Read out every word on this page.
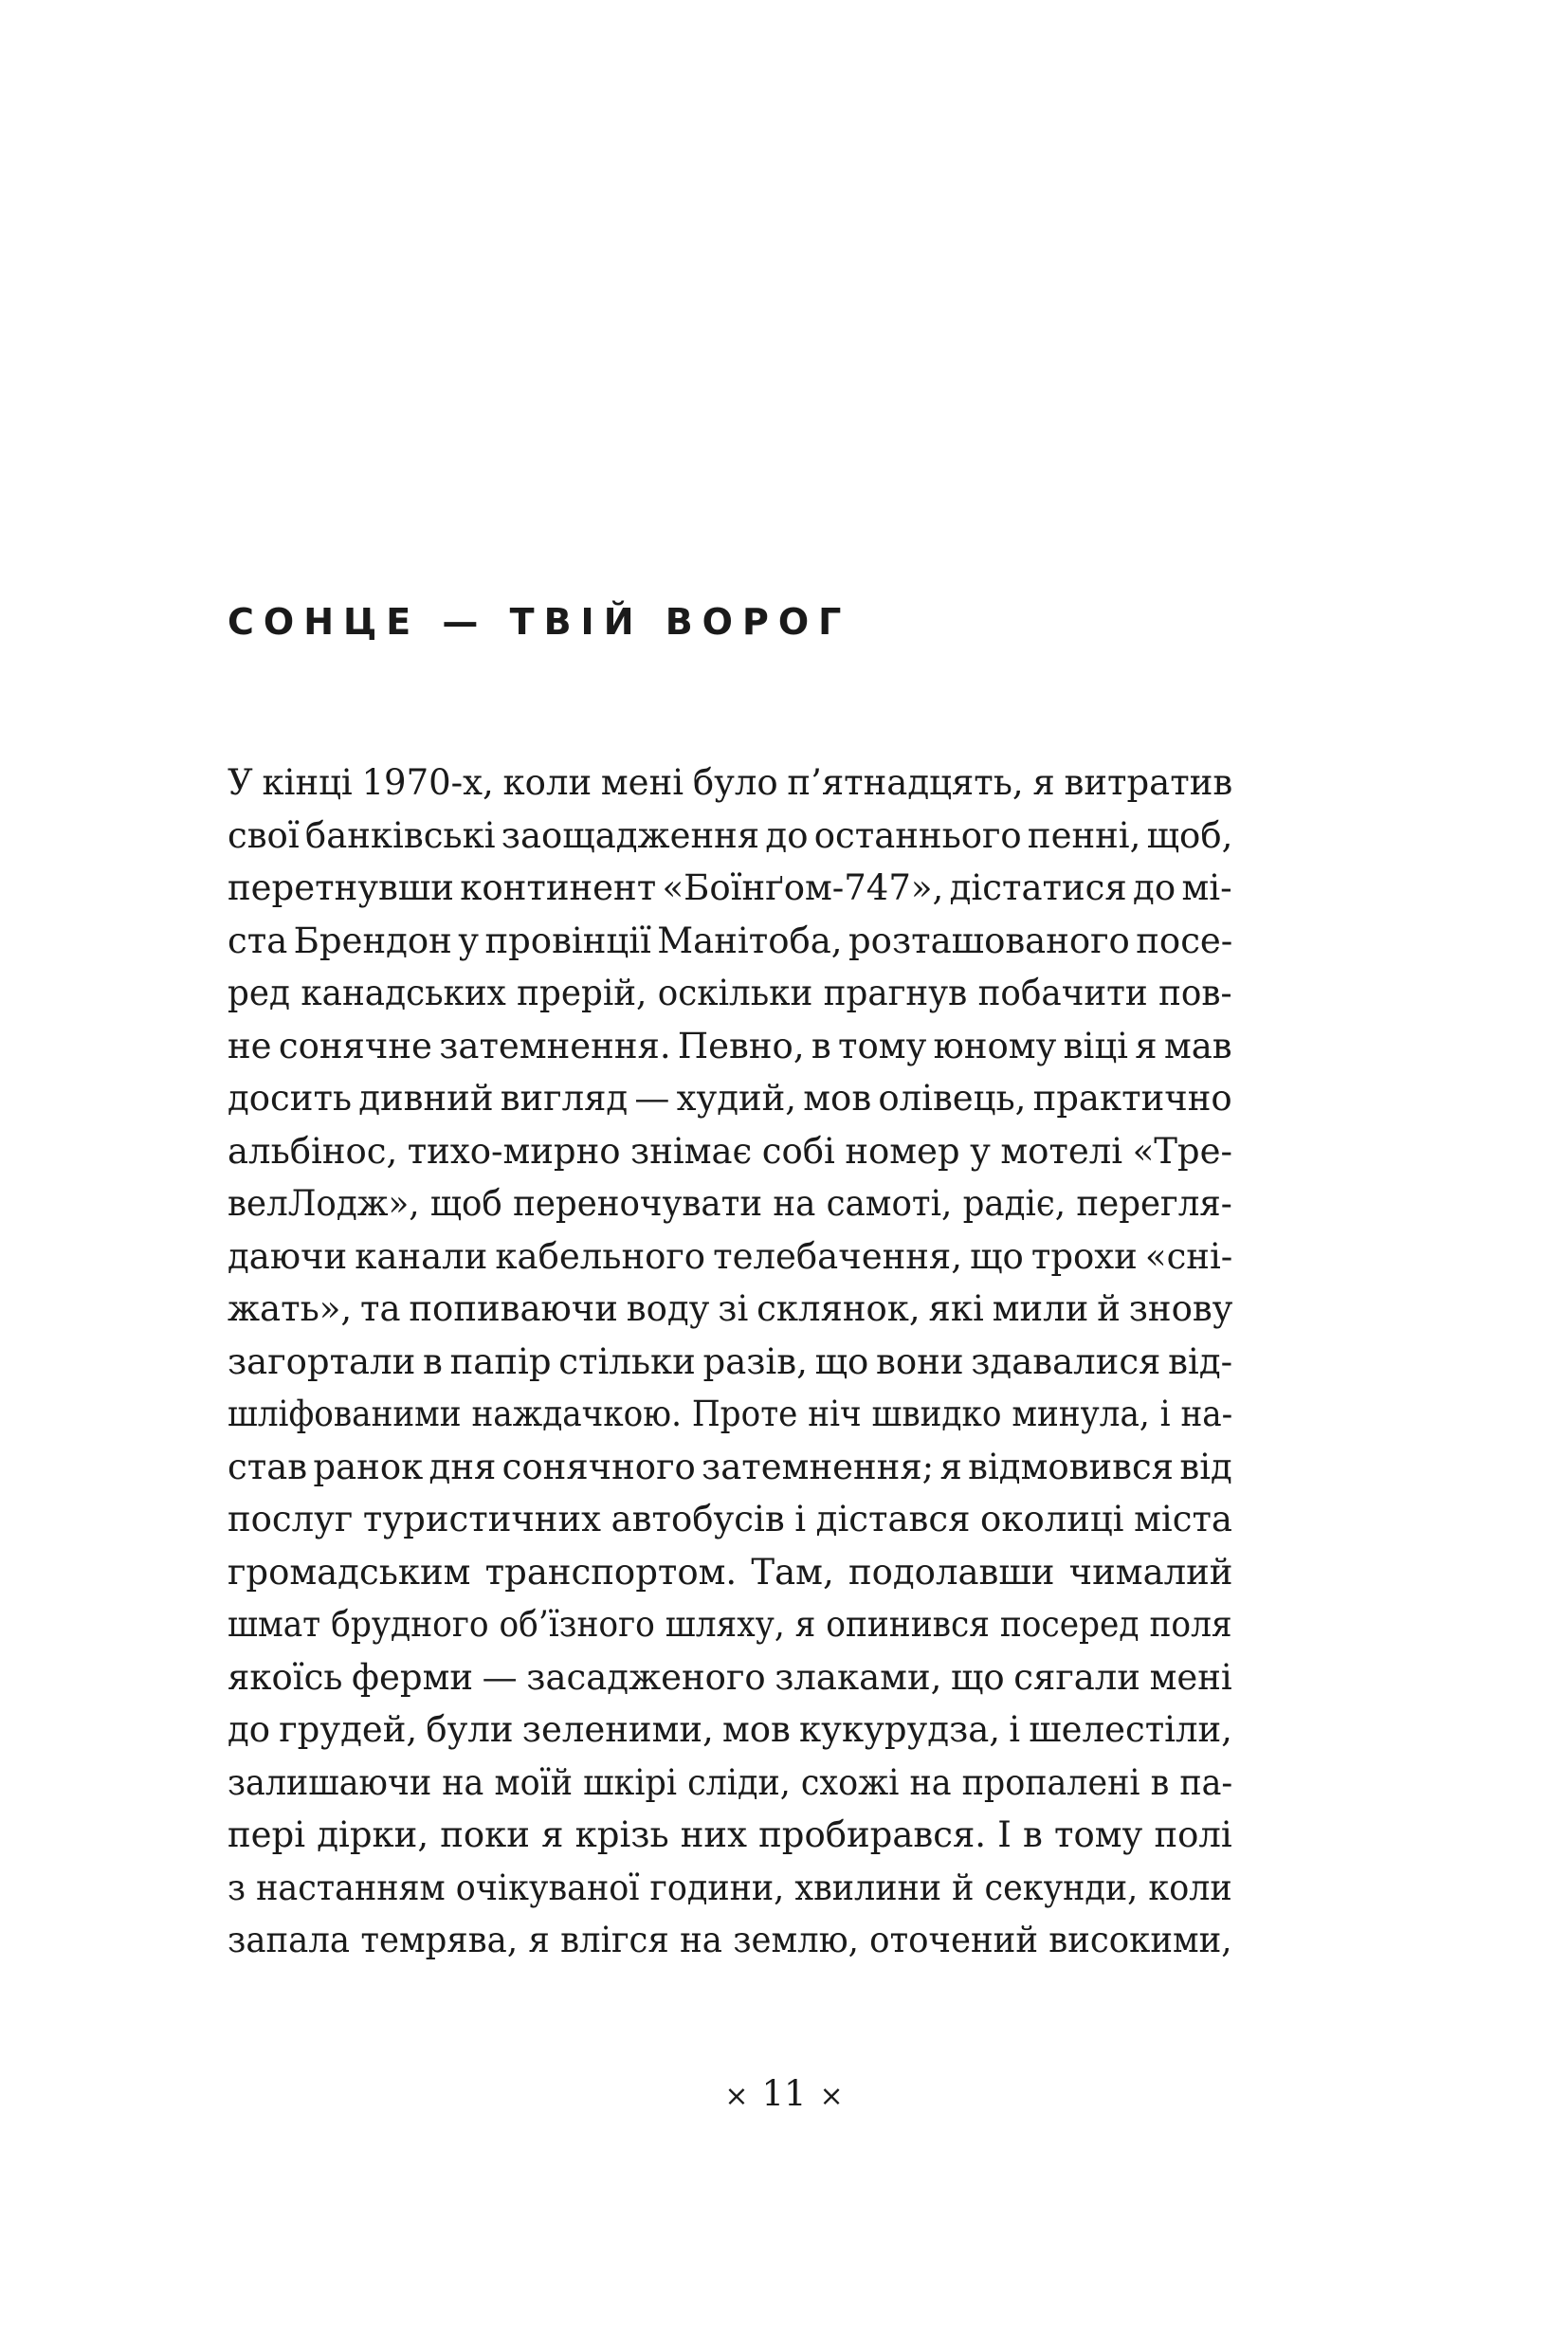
СОНЦЕ — ТВІЙ ВОРОГ
У кінці 1970-х, коли мені було п’ятнадцять, я витратив
свої банківські заощадження до останнього пенні, щоб,
перетнувши континент «Боїнґом-747», дістатися до мі-
ста Брендон у провінції Манітоба, розташованого посе-
ред канадських прерій, оскільки прагнув побачити пов-
не сонячне затемнення. Певно, в тому юному віці я мав
досить дивний вигляд — худий, мов олівець, практично
альбінос, тихо-мирно знімає собі номер у мотелі «Тре-
велЛодж», щоб переночувати на самоті, радіє, перегля-
даючи канали кабельного телебачення, що трохи «сні-
жать», та попиваючи воду зі склянок, які мили й знову
загортали в папір стільки разів, що вони здавалися від-
шліфованими наждачкою. Проте ніч швидко минула, і на-
став ранок дня сонячного затемнення; я відмовився від
послуг туристичних автобусів і дістався околиці міста
громадським транспортом. Там, подолавши чималий
шмат брудного об’їзного шляху, я опинився посеред поля
якоїсь ферми — засадженого злаками, що сягали мені
до грудей, були зеленими, мов кукурудза, і шелестіли,
залишаючи на моїй шкірі сліди, схожі на пропалені в па-
пері дірки, поки я крізь них пробирався. І в тому полі
з настанням очікуваної години, хвилини й секунди, коли
запала темрява, я влігся на землю, оточений високими,
× 11 ×
